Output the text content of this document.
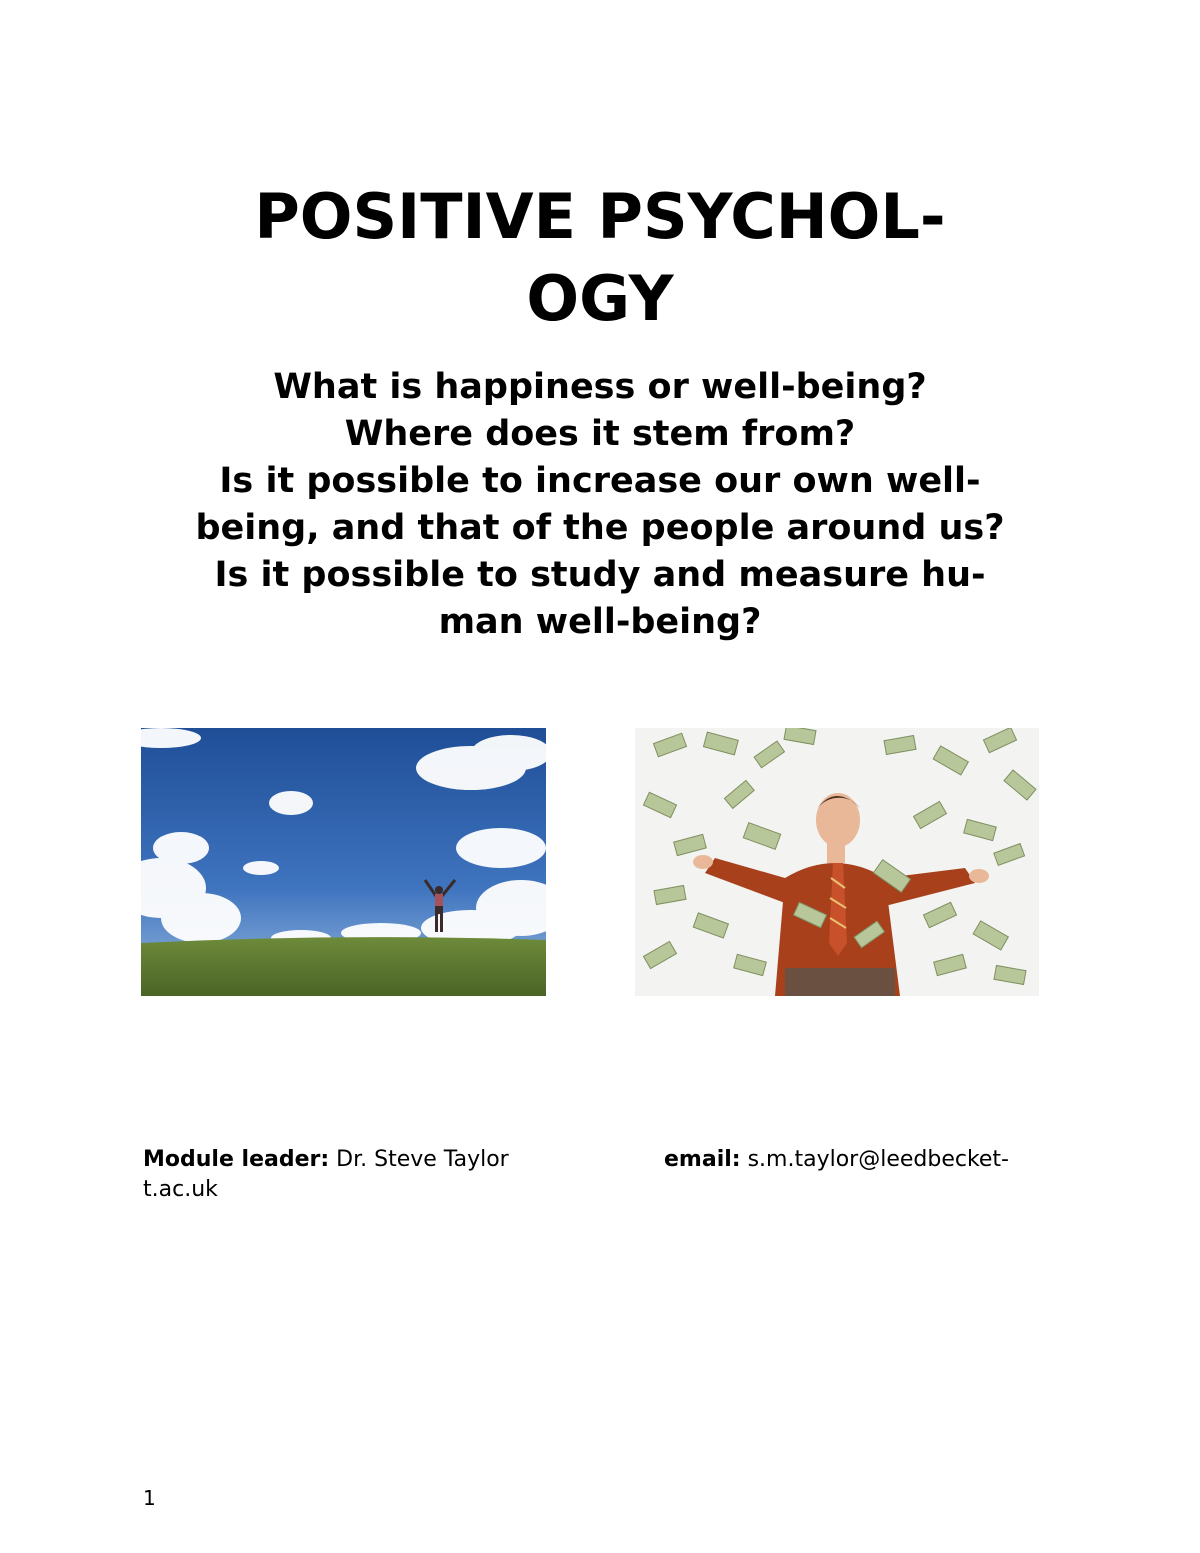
POSITIVE PSYCHOL-
OGY
What is happiness or well-being?
Where does it stem from?
Is it possible to increase our own well-
being, and that of the people around us?
Is it possible to study and measure hu-
man well-being?
Module leader: Dr. Steve Taylor	email: s.m.taylor@leedbecket-
t.ac.uk
1
